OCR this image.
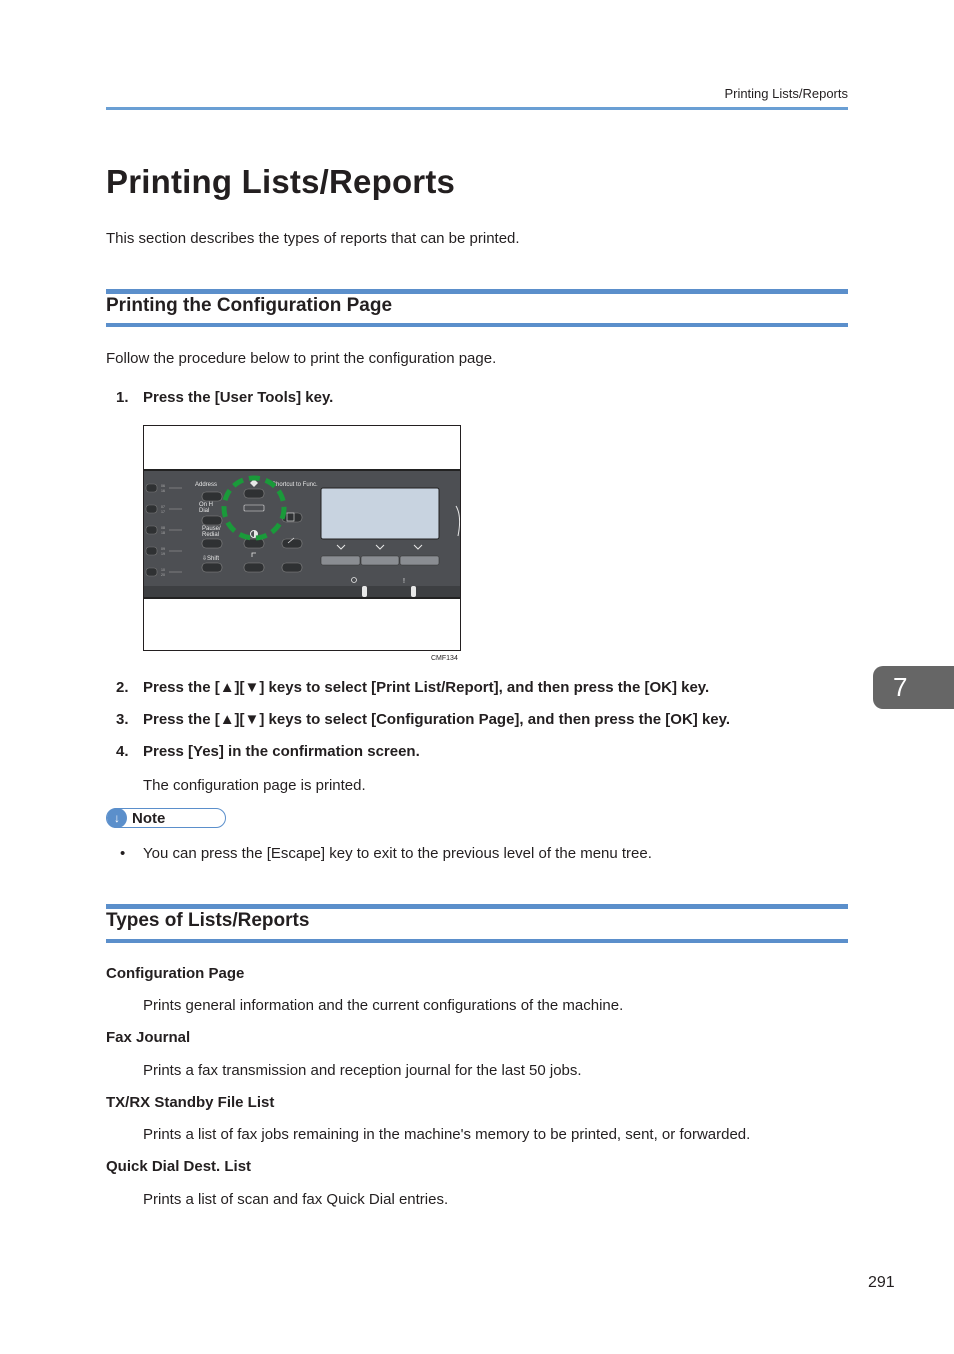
Printing Lists/Reports
Printing Lists/Reports
This section describes the types of reports that can be printed.
Printing the Configuration Page
Follow the procedure below to print the configuration page.
1. Press the [User Tools] key.
06
16
07
17
08
18
09
19
10
20
Address
On H
Dial
Pause/
Redial
⇩Shift
Shortcut to Func.
!
CMF134
7
2. Press the [▲][▼] keys to select [Print List/Report], and then press the [OK] key.
3. Press the [▲][▼] keys to select [Configuration Page], and then press the [OK] key.
4. Press [Yes] in the confirmation screen.
The configuration page is printed.
↓ Note
• You can press the [Escape] key to exit to the previous level of the menu tree.
Types of Lists/Reports
Configuration Page
Prints general information and the current configurations of the machine.
Fax Journal
Prints a fax transmission and reception journal for the last 50 jobs.
TX/RX Standby File List
Prints a list of fax jobs remaining in the machine's memory to be printed, sent, or forwarded.
Quick Dial Dest. List
Prints a list of scan and fax Quick Dial entries.
291
